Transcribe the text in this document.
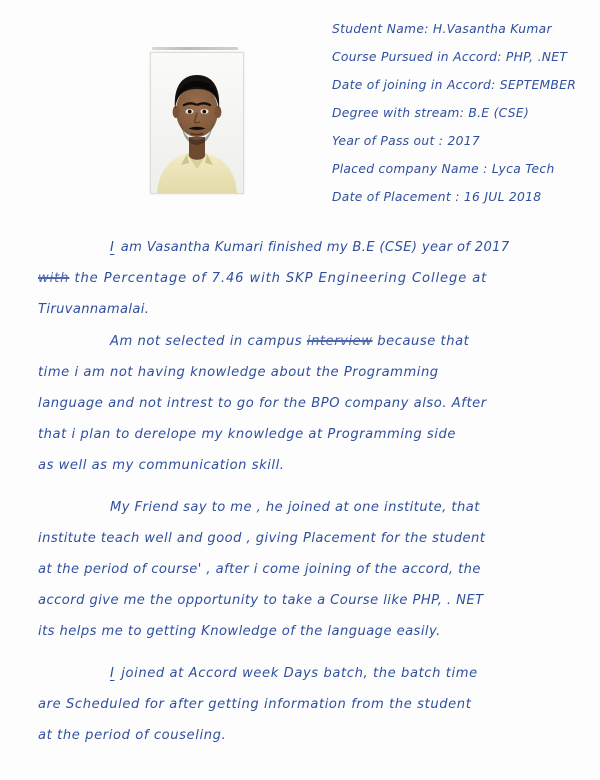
Student Name: H.Vasantha Kumar
Course Pursued in Accord: PHP, .NET
Date of joining in Accord: SEPTEMBER
Degree with stream: B.E (CSE)
Year of Pass out : 2017
Placed company Name : Lyca Tech
Date of Placement : 16 JUL 2018
I am Vasantha Kumari finished my B.E (CSE) year of 2017
with the Percentage of 7.46 with SKP Engineering College at
Tiruvannamalai.
Am not selected in campus interview because that
time i am not having knowledge about the Programming
language and not intrest to go for the BPO company also. After
that i plan to derelope my knowledge at Programming side
as well as my communication skill.
My Friend say to me , he joined at one institute, that
institute teach well and good , giving Placement for the student
at the period of course' , after i come joining of the accord, the
accord give me the opportunity to take a Course like PHP, . NET
its helps me to getting Knowledge of the language easily.
I joined at Accord week Days batch, the batch time
are Scheduled for after getting information from the student
at the period of couseling.
